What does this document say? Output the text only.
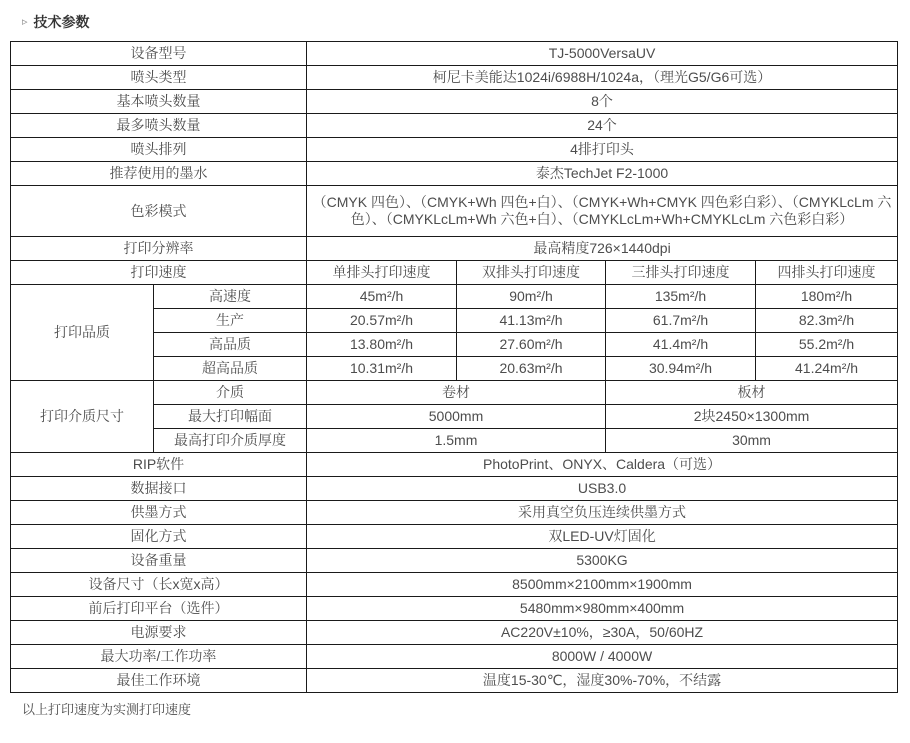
▹ 技术参数
设备型号		TJ-5000VersaUV			
喷头类型		柯尼卡美能达1024i/6988H/1024a，（理光G5/G6可选）			
基本喷头数量		8个			
最多喷头数量		24个			
喷头排列		4排打印头			
推荐使用的墨水		泰杰TechJet F2-1000			
色彩模式		（CMYK 四色）、（CMYK+Wh 四色+白）、（CMYK+Wh+CMYK 四色彩白彩）、（CMYKLcLm 六色）、（CMYKLcLm+Wh 六色+白）、（CMYKLcLm+Wh+CMYKLcLm 六色彩白彩）			
打印分辨率		最高精度726×1440dpi			
打印速度		单排头打印速度	双排头打印速度	三排头打印速度	四排头打印速度
打印品质	高速度	45m²/h	90m²/h	135m²/h	180m²/h
	生产	20.57m²/h	41.13m²/h	61.7m²/h	82.3m²/h
	高品质	13.80m²/h	27.60m²/h	41.4m²/h	55.2m²/h
	超高品质	10.31m²/h	20.63m²/h	30.94m²/h	41.24m²/h
打印介质尺寸	介质	卷材		板材	
	最大打印幅面	5000mm		2块2450×1300mm	
	最高打印介质厚度	1.5mm		30mm	
RIP软件		PhotoPrint、ONYX、Caldera（可选）			
数据接口		USB3.0			
供墨方式		采用真空负压连续供墨方式			
固化方式		双LED-UV灯固化			
设备重量		5300KG			
设备尺寸（长x宽x高）		8500mm×2100mm×1900mm			
前后打印平台（选件）		5480mm×980mm×400mm			
电源要求		AC220V±10%，≥30A，50/60HZ			
最大功率/工作功率		8000W / 4000W			
最佳工作环境		温度15-30℃，湿度30%-70%，不结露			
以上打印速度为实测打印速度
